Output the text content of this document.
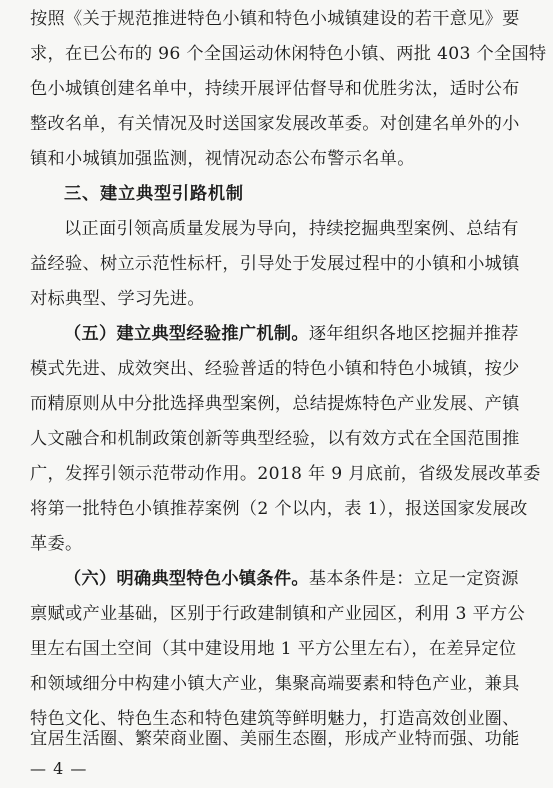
按照《关于规范推进特色小镇和特色小城镇建设的若干意见》要
求，在已公布的 96 个全国运动休闲特色小镇、两批 403 个全国特
色小城镇创建名单中，持续开展评估督导和优胜劣汰，适时公布
整改名单，有关情况及时送国家发展改革委。对创建名单外的小
镇和小城镇加强监测，视情况动态公布警示名单。
三、建立典型引路机制
以正面引领高质量发展为导向，持续挖掘典型案例、总结有
益经验、树立示范性标杆，引导处于发展过程中的小镇和小城镇
对标典型、学习先进。
（五）建立典型经验推广机制。逐年组织各地区挖掘并推荐
模式先进、成效突出、经验普适的特色小镇和特色小城镇，按少
而精原则从中分批选择典型案例，总结提炼特色产业发展、产镇
人文融合和机制政策创新等典型经验，以有效方式在全国范围推
广，发挥引领示范带动作用。2018 年 9 月底前，省级发展改革委
将第一批特色小镇推荐案例（2 个以内，表 1），报送国家发展改
革委。
（六）明确典型特色小镇条件。基本条件是：立足一定资源
禀赋或产业基础，区别于行政建制镇和产业园区，利用 3 平方公
里左右国土空间（其中建设用地 1 平方公里左右），在差异定位
和领域细分中构建小镇大产业，集聚高端要素和特色产业，兼具
特色文化、特色生态和特色建筑等鲜明魅力，打造高效创业圈、
宜居生活圈、繁荣商业圈、美丽生态圈，形成产业特而强、功能
— 4 —
